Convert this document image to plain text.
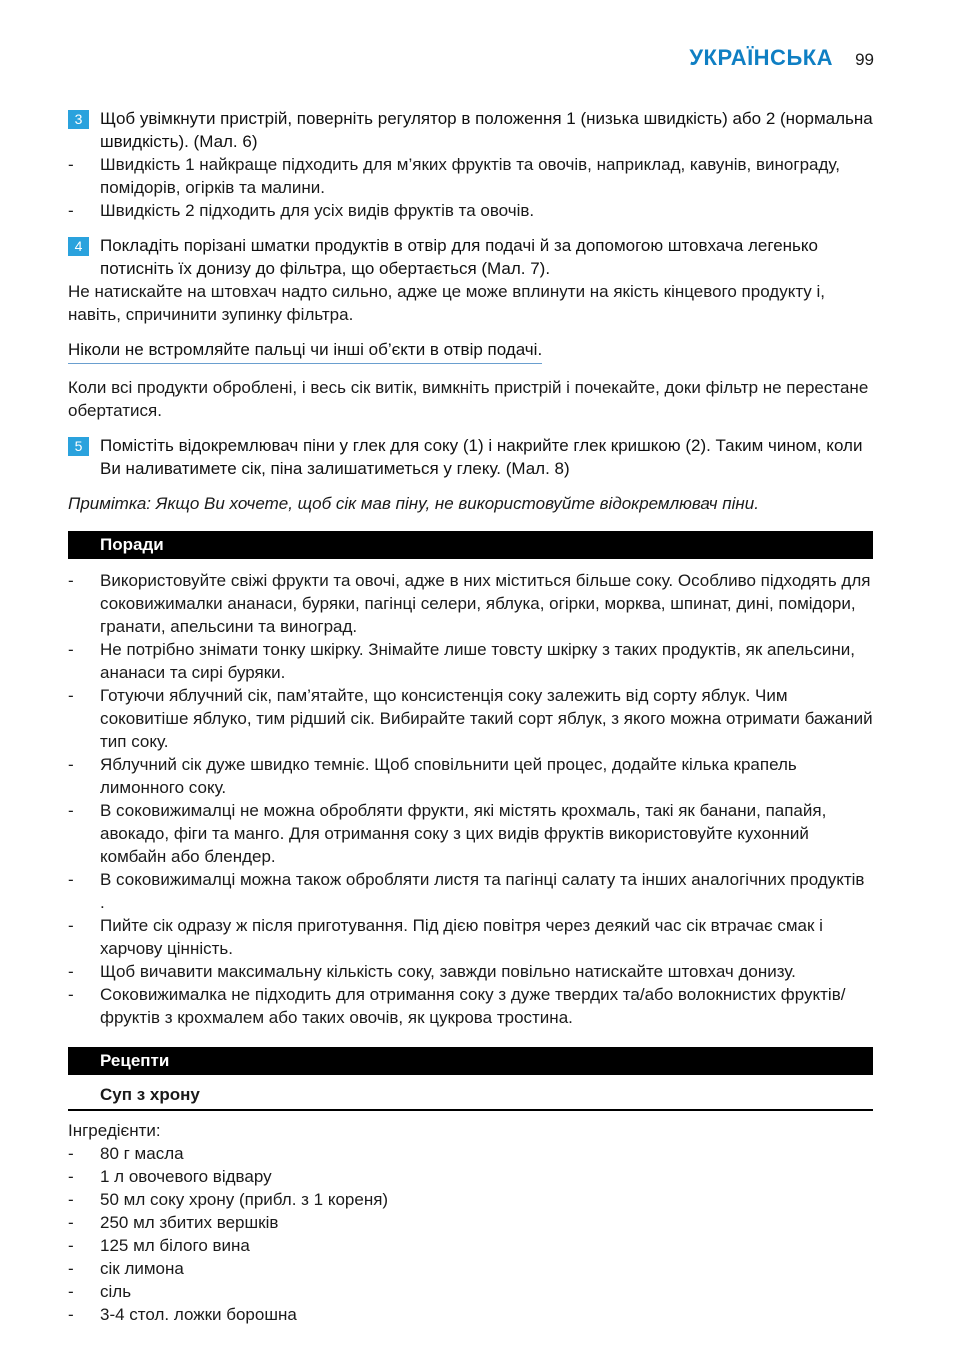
УКРАЇНСЬКА 99
3	Щоб увімкнути пристрій, поверніть регулятор в положення 1 (низька швидкість) або 2 (нормальна швидкість). (Мал. 6)
- Швидкість 1 найкраще підходить для м’яких фруктів та овочів, наприклад, кавунів, винограду, помідорів, огірків та малини.
- Швидкість 2 підходить для усіх видів фруктів та овочів.
4	Покладіть порізані шматки продуктів в отвір для подачі й за допомогою штовхача легенько потисніть їх донизу до фільтра, що обертається (Мал. 7).

Не натискайте на штовхач надто сильно, адже це може вплинути на якість кінцевого продукту і, навіть, спричинити зупинку фільтра.

Ніколи не встромляйте пальці чи інші об’єкти в отвір подачі.

Коли всі продукти оброблені, і весь сік витік, вимкніть пристрій і почекайте, доки фільтр не перестане обертатися.

5	Помістіть відокремлювач піни у глек для соку (1) і накрийте глек кришкою (2). Таким чином, коли Ви наливатимете сік, піна залишатиметься у глеку. (Мал. 8)

Примітка: Якщо Ви хочете, щоб сік мав піну, не використовуйте відокремлювач піни.

Поради
- Використовуйте свіжі фрукти та овочі, адже в них міститься більше соку. Особливо підходять для соковижималки ананаси, буряки, пагінці селери, яблука, огірки, морква, шпинат, дині, помідори, гранати, апельсини та виноград.
- Не потрібно знімати тонку шкірку. Знімайте лише товсту шкірку з таких продуктів, як апельсини, ананаси та сирі буряки.
- Готуючи яблучний сік, пам’ятайте, що консистенція соку залежить від сорту яблук. Чим соковитіше яблуко, тим рідший сік. Вибирайте такий сорт яблук, з якого можна отримати бажаний тип соку.
- Яблучний сік дуже швидко темніє. Щоб сповільнити цей процес, додайте кілька крапель лимонного соку.
- В соковижималці не можна обробляти фрукти, які містять крохмаль, такі як банани, папайя, авокадо, фіги та манго. Для отримання соку з цих видів фруктів використовуйте кухонний комбайн або блендер.
- В соковижималці можна також обробляти листя та пагінці салату та інших аналогічних продуктів .
- Пийте сік одразу ж після приготування. Під дією повітря через деякий час сік втрачає смак і харчову цінність.
- Щоб вичавити максимальну кількість соку, завжди повільно натискайте штовхач донизу.
- Соковижималка не підходить для отримання соку з дуже твердих та/або волокнистих фруктів/фруктів з крохмалем або таких овочів, як цукрова тростина.
Рецепти
Суп з хрону

Інгредієнти:

- 80 г масла
- 1 л овочевого відвару
- 50 мл соку хрону (прибл. з 1 кореня)
- 250 мл збитих вершків
- 125 мл білого вина
- сік лимона
- сіль
- 3-4 стол. ложки борошна
